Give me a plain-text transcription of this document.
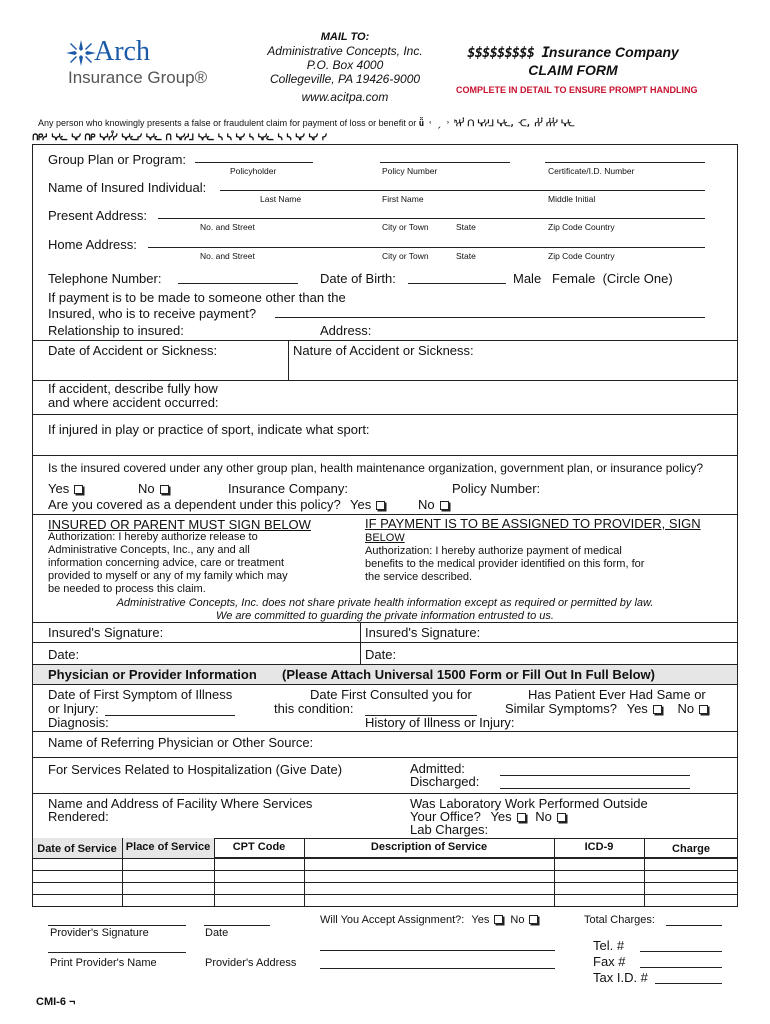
Arch
Insurance Group®
MAIL TO:
Administrative Concepts, Inc.
P.O. Box 4000
Collegeville, PA 19426-9000
www.acitpa.com
$$$$$$$$$ Insurance Company
CLAIM FORM
COMPLETE IN DETAIL TO ENSURE PROMPT HANDLING
Any person who knowingly presents a false or fraudulent claim for payment of loss or benefit or ǚ ˓ ˏ ˒ ᑋᓱᓮ ᑎ ᓴᓯᓱᒧ ᓴᓱᓚ, ᑡ, ᓰᓮ ᓰᓮᓯ ᓴᓱᓚ
ᑎᑭᓱ ᓴᓱᓚ ᓴᓯ ᑎᑭ ᓴᓱᓮᓯ ᓴᓱᓚᓯ ᓴᓱᓚ ᑎ ᓴᓯᓱᒧ ᓴᓱᓚ ᓴ ᓴ ᓴᓯ ᓴ ᓴᓯᓚ ᓴ ᓴ ᓴᓯ ᓴᓯ ᓯ
Group Plan or Program:
Policyholder	Policy Number	Certificate/I.D. Number
Name of Insured Individual:
Last Name	First Name	Middle Initial
Present Address:
No. and Street	City or Town	State	Zip Code Country
Home Address:
No. and Street	City or Town	State	Zip Code Country
Telephone Number:	Date of Birth:	Male   Female  (Circle One)
If payment is to be made to someone other than the
Insured, who is to receive payment?
Relationship to insured:	Address:
Date of Accident or Sickness:	Nature of Accident or Sickness:
If accident, describe fully how
and where accident occurred:
If injured in play or practice of sport, indicate what sport:
Is the insured covered under any other group plan, health maintenance organization, government plan, or insurance policy?
Yes	No	Insurance Company:	Policy Number:
Are you covered as a dependent under this policy? Yes	No
INSURED OR PARENT MUST SIGN BELOW
Authorization: I hereby authorize release to
Administrative Concepts, Inc., any and all
information concerning advice, care or treatment
provided to myself or any of my family which may
be needed to process this claim.
IF PAYMENT IS TO BE ASSIGNED TO PROVIDER, SIGN
BELOW
Authorization: I hereby authorize payment of medical
benefits to the medical provider identified on this form, for
the service described.
Administrative Concepts, Inc. does not share private health information except as required or permitted by law.
We are committed to guarding the private information entrusted to us.
Insured's Signature:	Insured's Signature:
Date:	Date:
Physician or Provider Information (Please Attach Universal 1500 Form or Fill Out In Full Below)
Date of First Symptom of Illness
or Injury:
Diagnosis:
Date First Consulted you for
this condition:
History of Illness or Injury:
Has Patient Ever Had Same or
Similar Symptoms? Yes No
Name of Referring Physician or Other Source:
For Services Related to Hospitalization (Give Date)	Admitted:
Discharged:
Name and Address of Facility Where Services
Rendered:
Was Laboratory Work Performed Outside
Your Office? Yes No
Lab Charges:
Date of Service Place of Service	CPT Code	Description of Service	ICD-9	Charge
Provider's Signature	Date
Will You Accept Assignment?: Yes No	Total Charges:
Print Provider's Name	Provider's Address
Tel. #
Fax #
Tax I.D. #
CMI-6 ¬
